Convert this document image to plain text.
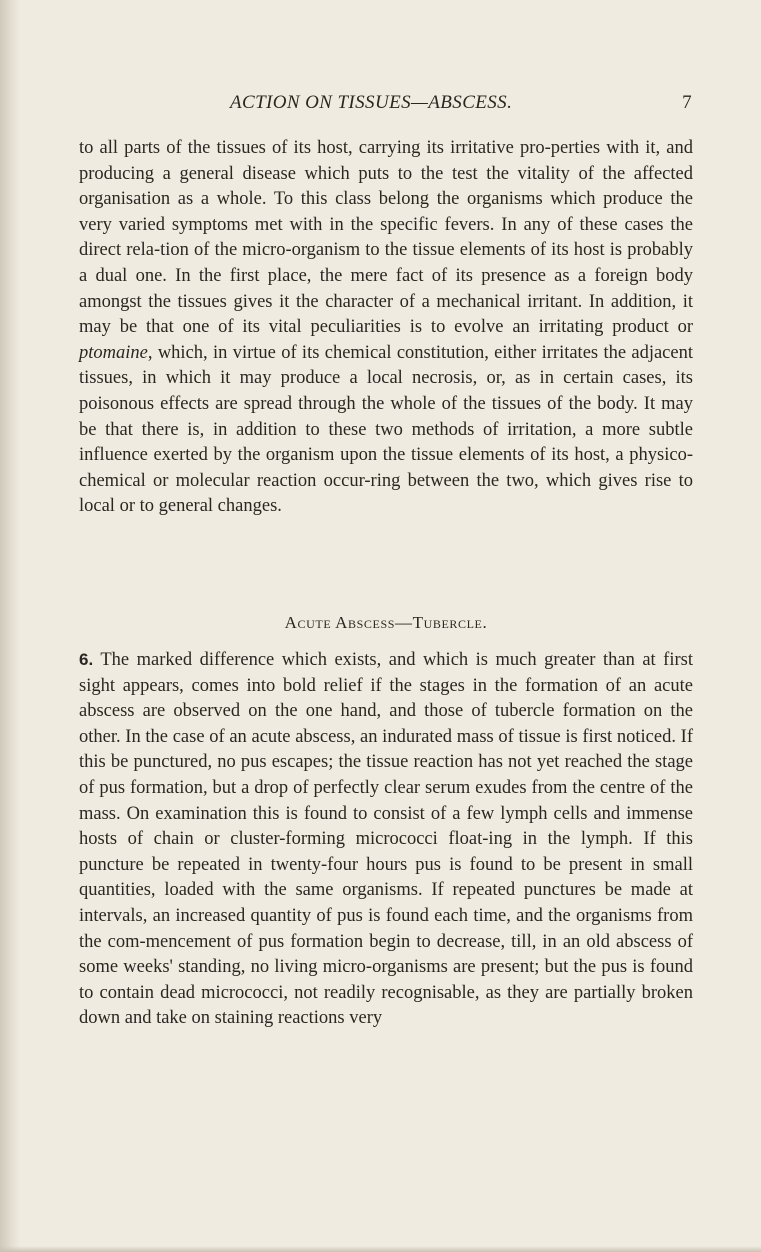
ACTION ON TISSUES—ABSCESS.	7

to all parts of the tissues of its host, carrying its irritative pro-perties with it, and producing a general disease which puts to the test the vitality of the affected organisation as a whole. To this class belong the organisms which produce the very varied symptoms met with in the specific fevers. In any of these cases the direct rela-tion of the micro-organism to the tissue elements of its host is probably a dual one. In the first place, the mere fact of its presence as a foreign body amongst the tissues gives it the character of a mechanical irritant. In addition, it may be that one of its vital peculiarities is to evolve an irritating product or ptomaine, which, in virtue of its chemical constitution, either irritates the adjacent tissues, in which it may produce a local necrosis, or, as in certain cases, its poisonous effects are spread through the whole of the tissues of the body. It may be that there is, in addition to these two methods of irritation, a more subtle influence exerted by the organism upon the tissue elements of its host, a physico-chemical or molecular reaction occur-ring between the two, which gives rise to local or to general changes.

Acute Abscess—Tubercle.

6. The marked difference which exists, and which is much greater than at first sight appears, comes into bold relief if the stages in the formation of an acute abscess are observed on the one hand, and those of tubercle formation on the other. In the case of an acute abscess, an indurated mass of tissue is first noticed. If this be punctured, no pus escapes; the tissue reaction has not yet reached the stage of pus formation, but a drop of perfectly clear serum exudes from the centre of the mass. On examination this is found to consist of a few lymph cells and immense hosts of chain or cluster-forming micrococci float-ing in the lymph. If this puncture be repeated in twenty-four hours pus is found to be present in small quantities, loaded with the same organisms. If repeated punctures be made at intervals, an increased quantity of pus is found each time, and the organisms from the com-mencement of pus formation begin to decrease, till, in an old abscess of some weeks' standing, no living micro-organisms are present; but the pus is found to contain dead micrococci, not readily recognisable, as they are partially broken down and take on staining reactions very
